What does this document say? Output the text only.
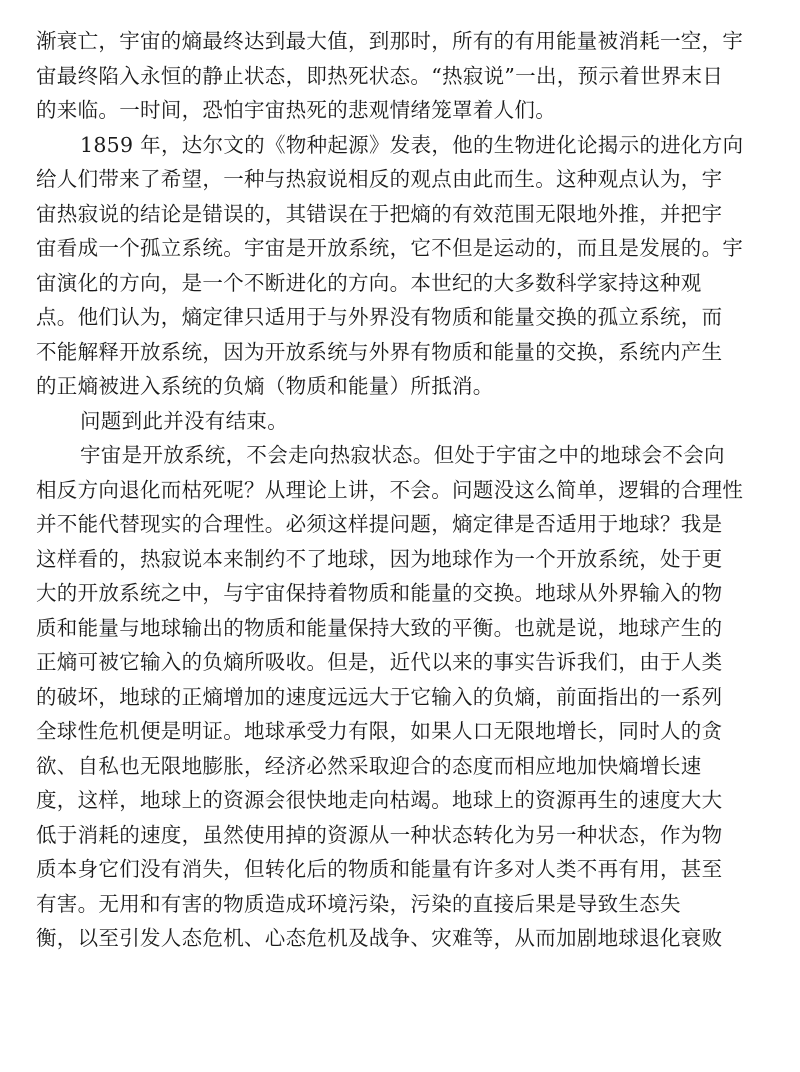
渐衰亡，宇宙的熵最终达到最大值，到那时，所有的有用能量被消耗一空，宇
宙最终陷入永恒的静止状态，即热死状态。“热寂说”一出，预示着世界末日
的来临。一时间，恐怕宇宙热死的悲观情绪笼罩着人们。
1859 年，达尔文的《物种起源》发表，他的生物进化论揭示的进化方向
给人们带来了希望，一种与热寂说相反的观点由此而生。这种观点认为，宇
宙热寂说的结论是错误的，其错误在于把熵的有效范围无限地外推，并把宇
宙看成一个孤立系统。宇宙是开放系统，它不但是运动的，而且是发展的。宇
宙演化的方向，是一个不断进化的方向。本世纪的大多数科学家持这种观
点。他们认为，熵定律只适用于与外界没有物质和能量交换的孤立系统，而
不能解释开放系统，因为开放系统与外界有物质和能量的交换，系统内产生
的正熵被进入系统的负熵（物质和能量）所抵消。
问题到此并没有结束。
宇宙是开放系统，不会走向热寂状态。但处于宇宙之中的地球会不会向
相反方向退化而枯死呢？从理论上讲，不会。问题没这么简单，逻辑的合理性
并不能代替现实的合理性。必须这样提问题，熵定律是否适用于地球？我是
这样看的，热寂说本来制约不了地球，因为地球作为一个开放系统，处于更
大的开放系统之中，与宇宙保持着物质和能量的交换。地球从外界输入的物
质和能量与地球输出的物质和能量保持大致的平衡。也就是说，地球产生的
正熵可被它输入的负熵所吸收。但是，近代以来的事实告诉我们，由于人类
的破坏，地球的正熵增加的速度远远大于它输入的负熵，前面指出的一系列
全球性危机便是明证。地球承受力有限，如果人口无限地增长，同时人的贪
欲、自私也无限地膨胀，经济必然采取迎合的态度而相应地加快熵增长速
度，这样，地球上的资源会很快地走向枯竭。地球上的资源再生的速度大大
低于消耗的速度，虽然使用掉的资源从一种状态转化为另一种状态，作为物
质本身它们没有消失，但转化后的物质和能量有许多对人类不再有用，甚至
有害。无用和有害的物质造成环境污染，污染的直接后果是导致生态失
衡，以至引发人态危机、心态危机及战争、灾难等，从而加剧地球退化衰败
